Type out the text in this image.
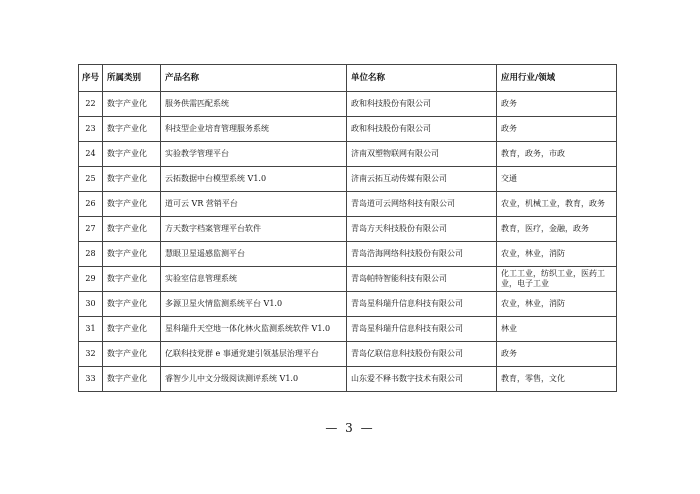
序号	所属类别	产品名称	单位名称	应用行业/领域
22	数字产业化	服务供需匹配系统	政和科技股份有限公司	政务
23	数字产业化	科技型企业培育管理服务系统	政和科技股份有限公司	政务
24	数字产业化	实验教学管理平台	济南双塑物联网有限公司	教育，政务，市政
25	数字产业化	云拓数据中台模型系统 V1.0	济南云拓互动传媒有限公司	交通
26	数字产业化	道可云 VR 营销平台	青岛道可云网络科技有限公司	农业，机械工业，教育，政务
27	数字产业化	方天数字档案管理平台软件	青岛方天科技股份有限公司	教育，医疗，金融，政务
28	数字产业化	慧眼卫星遥感监测平台	青岛浩海网络科技股份有限公司	农业，林业，消防
29	数字产业化	实验室信息管理系统	青岛帕特智能科技有限公司	化工工业，纺织工业，医药工业，电子工业
30	数字产业化	多源卫星火情监测系统平台 V1.0	青岛星科瑞升信息科技有限公司	农业，林业，消防
31	数字产业化	星科瑞升天空地一体化林火监测系统软件 V1.0	青岛星科瑞升信息科技有限公司	林业
32	数字产业化	亿联科技党群 e 事通党建引领基层治理平台	青岛亿联信息科技股份有限公司	政务
33	数字产业化	睿智少儿中文分级阅读测评系统 V1.0	山东爱不释书数字技术有限公司	教育，零售，文化
— 3 —
